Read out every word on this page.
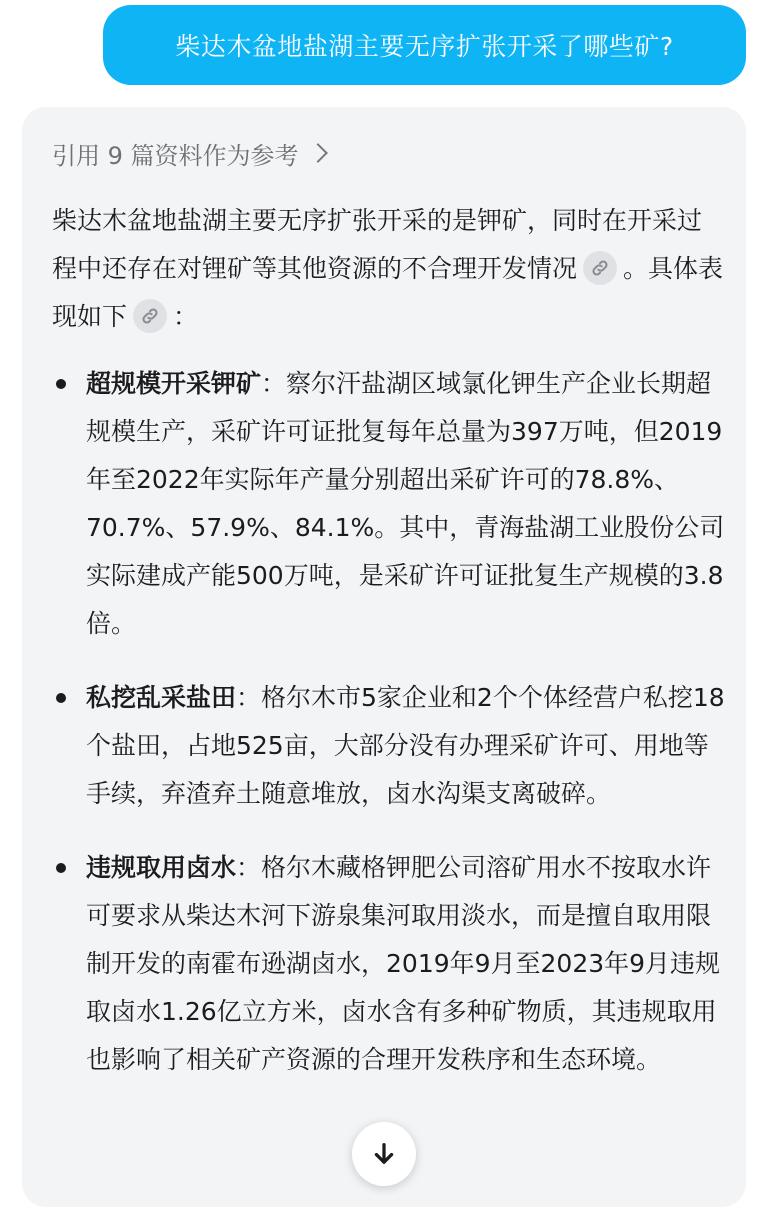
柴达木盆地盐湖主要无序扩张开采了哪些矿?
引用 9 篇资料作为参考
柴达木盆地盐湖主要无序扩张开采的是钾矿，同时在开采过程中还存在对锂矿等其他资源的不合理开发情况 。具体表现如下 ：
超规模开采钾矿：察尔汗盐湖区域氯化钾生产企业长期超规模生产，采矿许可证批复每年总量为397万吨，但2019年至2022年实际年产量分别超出采矿许可的78.8%、70.7%、57.9%、84.1%。其中，青海盐湖工业股份公司实际建成产能500万吨，是采矿许可证批复生产规模的3.8倍。
私挖乱采盐田：格尔木市5家企业和2个个体经营户私挖18个盐田，占地525亩，大部分没有办理采矿许可、用地等手续，弃渣弃土随意堆放，卤水沟渠支离破碎。
违规取用卤水：格尔木藏格钾肥公司溶矿用水不按取水许可要求从柴达木河下游泉集河取用淡水，而是擅自取用限制开发的南霍布逊湖卤水，2019年9月至2023年9月违规取卤水1.26亿立方米，卤水含有多种矿物质，其违规取用也影响了相关矿产资源的合理开发秩序和生态环境。
